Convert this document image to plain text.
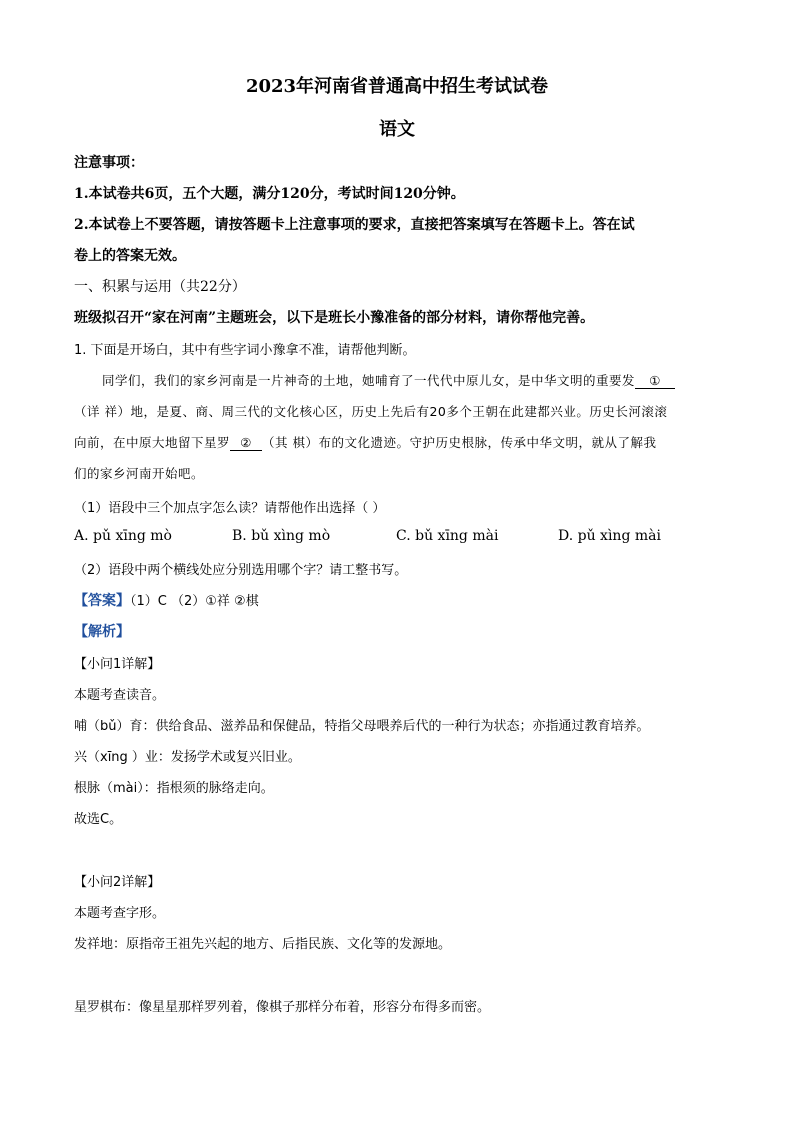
2023年河南省普通高中招生考试试卷
语文
注意事项：
1.本试卷共6页，五个大题，满分120分，考试时间120分钟。
2.本试卷上不要答题，请按答题卡上注意事项的要求，直接把答案填写在答题卡上。答在试
卷上的答案无效。
一、积累与运用（共22分）
班级拟召开“家在河南”主题班会，以下是班长小豫准备的部分材料，请你帮他完善。
1. 下面是开场白，其中有些字词小豫拿不准，请帮他判断。
同学们，我们的家乡河南是一片神奇的土地，她哺育了一代代中原儿女，是中华文明的重要发 ①
（详 祥）地，是夏、商、周三代的文化核心区，历史上先后有20多个王朝在此建都兴业。历史长河滚滚
向前，在中原大地留下星罗 ② （其 棋）布的文化遗迹。守护历史根脉，传承中华文明，就从了解我
们的家乡河南开始吧。
（1）语段中三个加点字怎么读？请帮他作出选择（ ）
A. pǔ xīng mò	B. bǔ xìng mò	C. bǔ xīng mài	D. pǔ xìng mài
（2）语段中两个横线处应分别选用哪个字？请工整书写。
【答案】（1）C （2）①祥 ②棋
【解析】
【小问1详解】
本题考查读音。
哺（bǔ）育：供给食品、滋养品和保健品，特指父母喂养后代的一种行为状态；亦指通过教育培养。
兴（xīng ）业：发扬学术或复兴旧业。
根脉（mài）：指根须的脉络走向。
故选C。
【小问2详解】
本题考查字形。
发祥地：原指帝王祖先兴起的地方、后指民族、文化等的发源地。
星罗棋布：像星星那样罗列着，像棋子那样分布着，形容分布得多而密。
